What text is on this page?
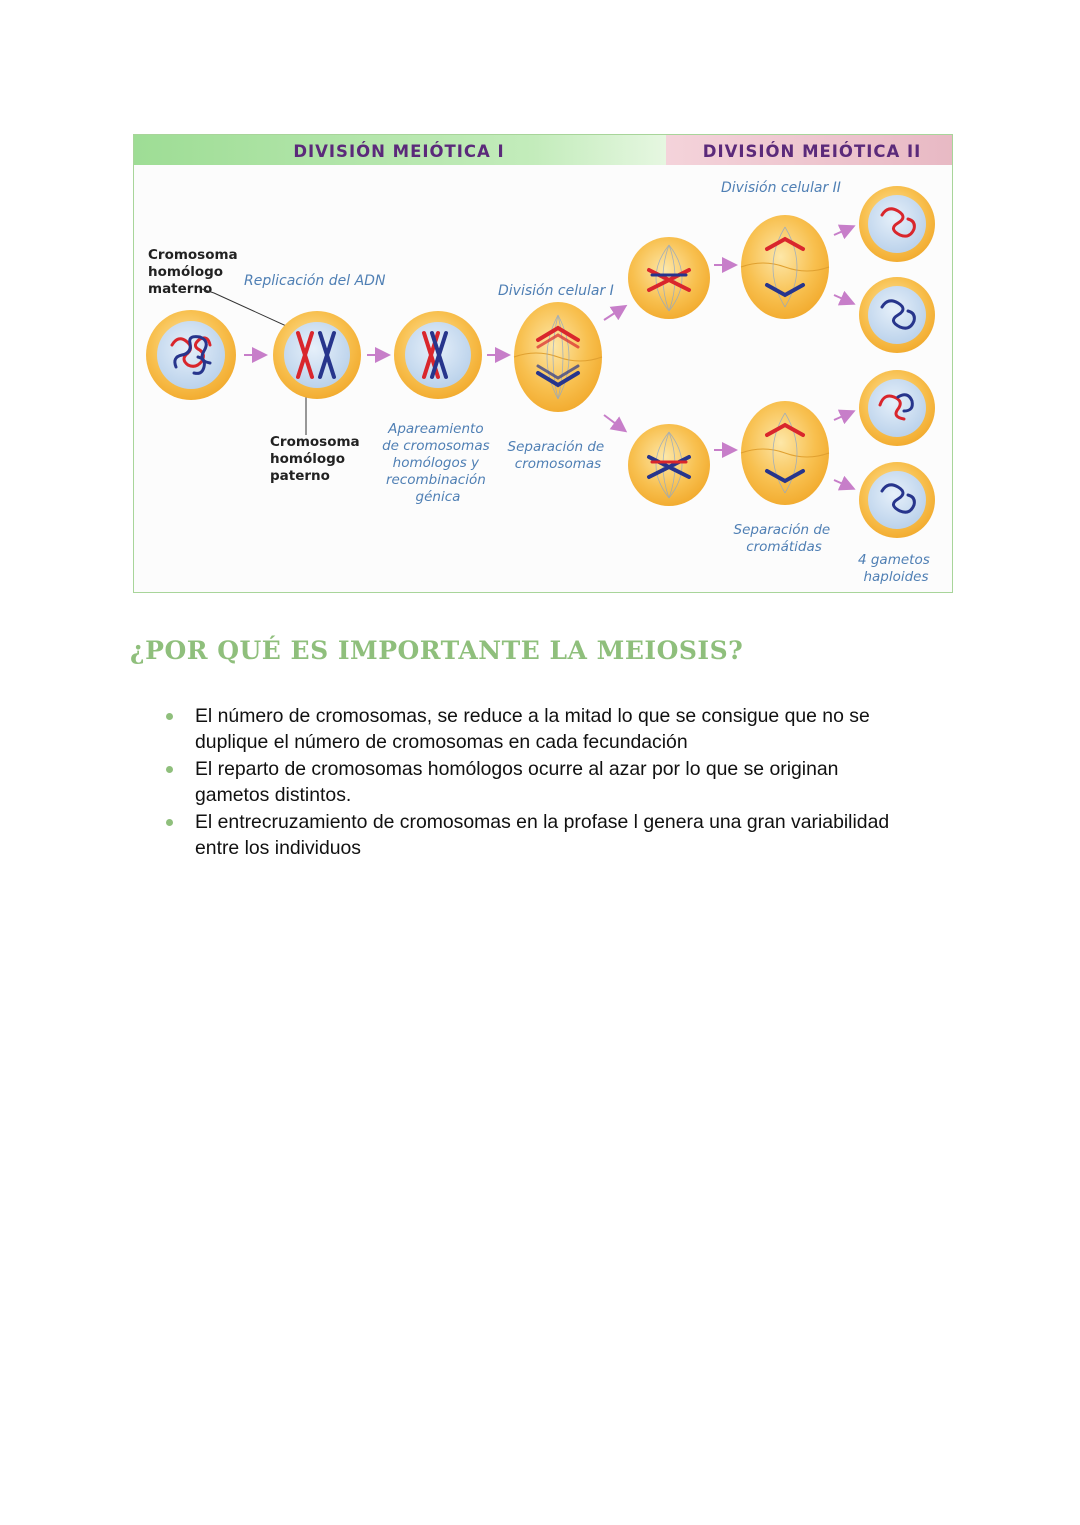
DIVISIÓN MEIÓTICA I	DIVISIÓN MEIÓTICA II
Cromosoma homólogo materno	Replicación del ADN
División celular I
División celular II
Cromosoma homólogo paterno
Apareamiento de cromosomas homólogos y recombinación génica
Separación de cromosomas
Separación de cromátidas
4 gametos haploides
¿POR QUÉ ES IMPORTANTE LA MEIOSIS?
El número de cromosomas, se reduce a la mitad lo que se consigue que no se
duplique el número de cromosomas en cada fecundación
El reparto de cromosomas homólogos ocurre al azar por lo que se originan
gametos distintos.
El entrecruzamiento de cromosomas en la profase l genera una gran variabilidad
entre los individuos
